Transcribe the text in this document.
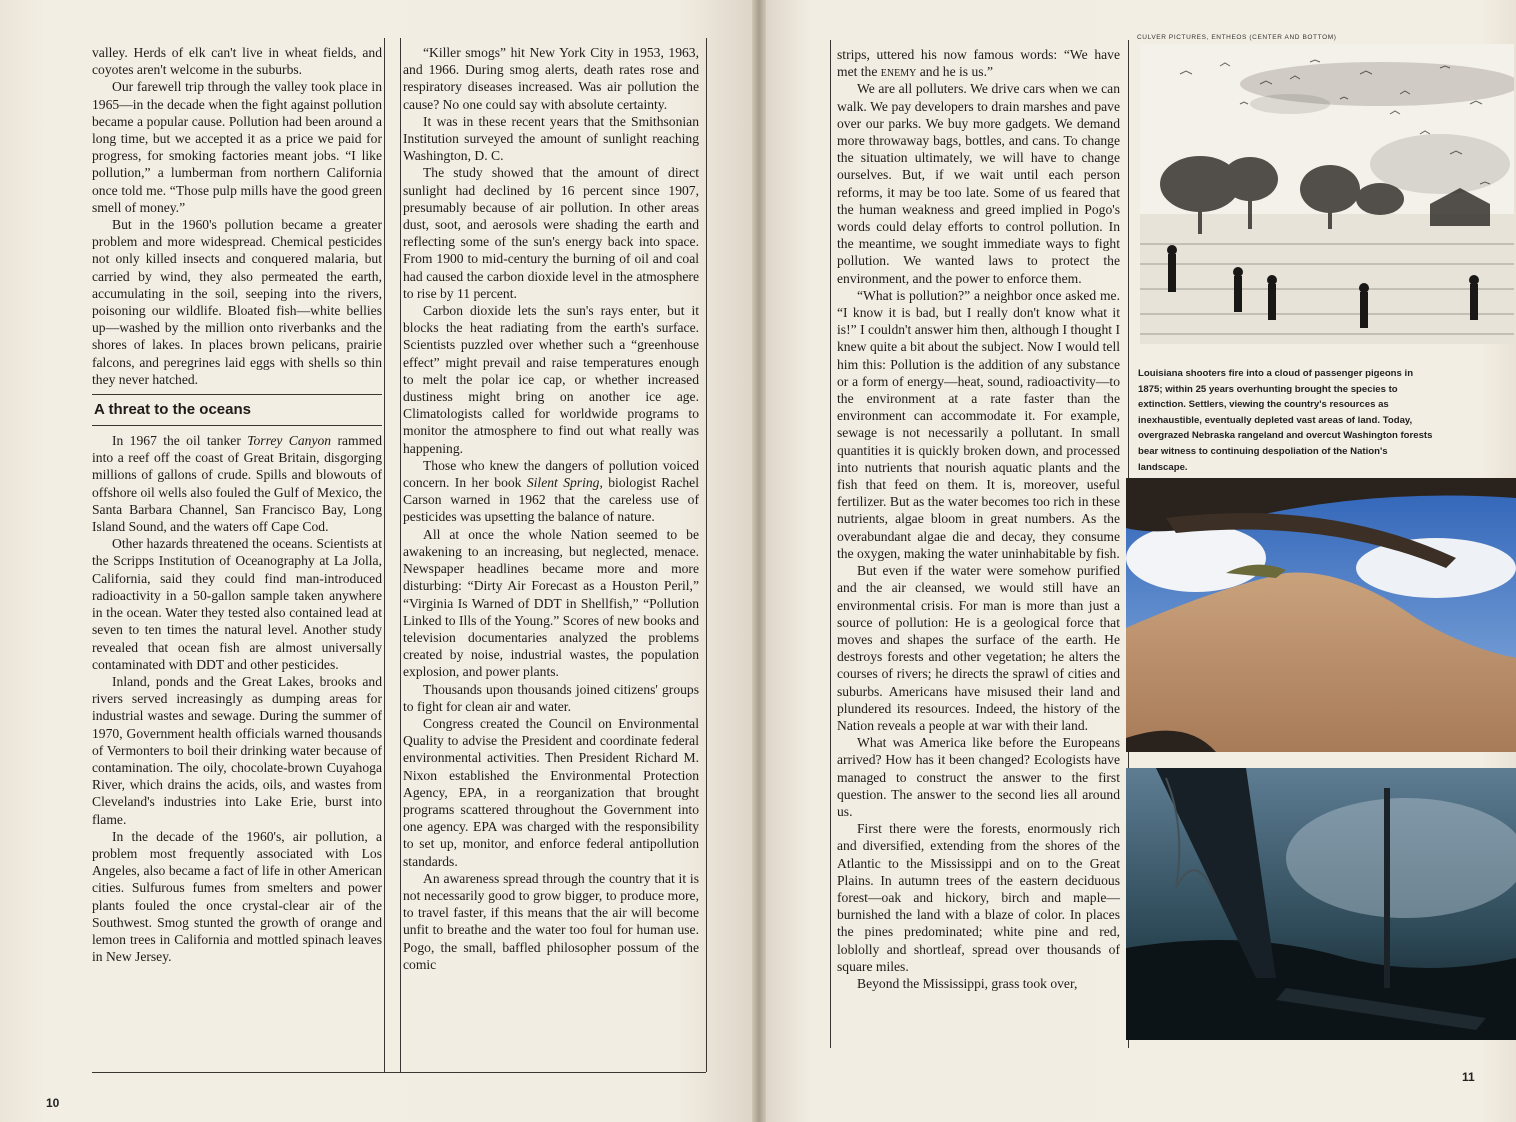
valley. Herds of elk can't live in wheat fields, and coyotes aren't welcome in the suburbs.

Our farewell trip through the valley took place in 1965—in the decade when the fight against pollution became a popular cause. Pollution had been around a long time, but we accepted it as a price we paid for progress, for smoking factories meant jobs. “I like pollution,” a lumberman from northern California once told me. “Those pulp mills have the good green smell of money.”

But in the 1960's pollution became a greater problem and more widespread. Chemical pesticides not only killed insects and conquered malaria, but carried by wind, they also permeated the earth, accumulating in the soil, seeping into the rivers, poisoning our wildlife. Bloated fish—white bellies up—washed by the million onto riverbanks and the shores of lakes. In places brown pelicans, prairie falcons, and peregrines laid eggs with shells so thin they never hatched.

A threat to the oceans

In 1967 the oil tanker Torrey Canyon rammed into a reef off the coast of Great Britain, disgorging millions of gallons of crude. Spills and blowouts of offshore oil wells also fouled the Gulf of Mexico, the Santa Barbara Channel, San Francisco Bay, Long Island Sound, and the waters off Cape Cod.

Other hazards threatened the oceans. Scientists at the Scripps Institution of Oceanography at La Jolla, California, said they could find man-introduced radioactivity in a 50-gallon sample taken anywhere in the ocean. Water they tested also contained lead at seven to ten times the natural level. Another study revealed that ocean fish are almost universally contaminated with DDT and other pesticides.

Inland, ponds and the Great Lakes, brooks and rivers served increasingly as dumping areas for industrial wastes and sewage. During the summer of 1970, Government health officials warned thousands of Vermonters to boil their drinking water because of contamination. The oily, chocolate-brown Cuyahoga River, which drains the acids, oils, and wastes from Cleveland's industries into Lake Erie, burst into flame.

In the decade of the 1960's, air pollution, a problem most frequently associated with Los Angeles, also became a fact of life in other American cities. Sulfurous fumes from smelters and power plants fouled the once crystal-clear air of the Southwest. Smog stunted the growth of orange and lemon trees in California and mottled spinach leaves in New Jersey.

“Killer smogs” hit New York City in 1953, 1963, and 1966. During smog alerts, death rates rose and respiratory diseases increased. Was air pollution the cause? No one could say with absolute certainty.

It was in these recent years that the Smithsonian Institution surveyed the amount of sunlight reaching Washington, D. C.

The study showed that the amount of direct sunlight had declined by 16 percent since 1907, presumably because of air pollution. In other areas dust, soot, and aerosols were shading the earth and reflecting some of the sun's energy back into space. From 1900 to mid-century the burning of oil and coal had caused the carbon dioxide level in the atmosphere to rise by 11 percent.

Carbon dioxide lets the sun's rays enter, but it blocks the heat radiating from the earth's surface. Scientists puzzled over whether such a “greenhouse effect” might prevail and raise temperatures enough to melt the polar ice cap, or whether increased dustiness might bring on another ice age. Climatologists called for worldwide programs to monitor the atmosphere to find out what really was happening.

Those who knew the dangers of pollution voiced concern. In her book Silent Spring, biologist Rachel Carson warned in 1962 that the careless use of pesticides was upsetting the balance of nature.

All at once the whole Nation seemed to be awakening to an increasing, but neglected, menace. Newspaper headlines became more and more disturbing: “Dirty Air Forecast as a Houston Peril,” “Virginia Is Warned of DDT in Shellfish,” “Pollution Linked to Ills of the Young.” Scores of new books and television documentaries analyzed the problems created by noise, industrial wastes, the population explosion, and power plants.

Thousands upon thousands joined citizens' groups to fight for clean air and water.

Congress created the Council on Environmental Quality to advise the President and coordinate federal environmental activities. Then President Richard M. Nixon established the Environmental Protection Agency, EPA, in a reorganization that brought programs scattered throughout the Government into one agency. EPA was charged with the responsibility to set up, monitor, and enforce federal antipollution standards.

An awareness spread through the country that it is not necessarily good to grow bigger, to produce more, to travel faster, if this means that the air will become unfit to breathe and the water too foul for human use. Pogo, the small, baffled philosopher possum of the comic

strips, uttered his now famous words: “We have met the enemy and he is us.”

We are all polluters. We drive cars when we can walk. We pay developers to drain marshes and pave over our parks. We buy more gadgets. We demand more throwaway bags, bottles, and cans. To change the situation ultimately, we will have to change ourselves. But, if we wait until each person reforms, it may be too late. Some of us feared that the human weakness and greed implied in Pogo's words could delay efforts to control pollution. In the meantime, we sought immediate ways to fight pollution. We wanted laws to protect the environment, and the power to enforce them.

“What is pollution?” a neighbor once asked me. “I know it is bad, but I really don't know what it is!” I couldn't answer him then, although I thought I knew quite a bit about the subject. Now I would tell him this: Pollution is the addition of any substance or a form of energy—heat, sound, radioactivity—to the environment at a rate faster than the environment can accommodate it. For example, sewage is not necessarily a pollutant. In small quantities it is quickly broken down, and processed into nutrients that nourish aquatic plants and the fish that feed on them. It is, moreover, useful fertilizer. But as the water becomes too rich in these nutrients, algae bloom in great numbers. As the overabundant algae die and decay, they consume the oxygen, making the water uninhabitable by fish.

But even if the water were somehow purified and the air cleansed, we would still have an environmental crisis. For man is more than just a source of pollution: He is a geological force that moves and shapes the surface of the earth. He destroys forests and other vegetation; he alters the courses of rivers; he directs the sprawl of cities and suburbs. Americans have misused their land and plundered its resources. Indeed, the history of the Nation reveals a people at war with their land.

What was America like before the Europeans arrived? How has it been changed? Ecologists have managed to construct the answer to the first question. The answer to the second lies all around us.

First there were the forests, enormously rich and diversified, extending from the shores of the Atlantic to the Mississippi and on to the Great Plains. In autumn trees of the eastern deciduous forest—oak and hickory, birch and maple—burnished the land with a blaze of color. In places the pines predominated; white pine and red, loblolly and shortleaf, spread over thousands of square miles.

Beyond the Mississippi, grass took over,

CULVER PICTURES, ENTHEOS (CENTER AND BOTTOM)
Louisiana shooters fire into a cloud of passenger pigeons in 1875; within 25 years overhunting brought the species to extinction. Settlers, viewing the country's resources as inexhaustible, eventually depleted vast areas of land. Today, overgrazed Nebraska rangeland and overcut Washington forests bear witness to continuing despoliation of the Nation's landscape.
10
11
